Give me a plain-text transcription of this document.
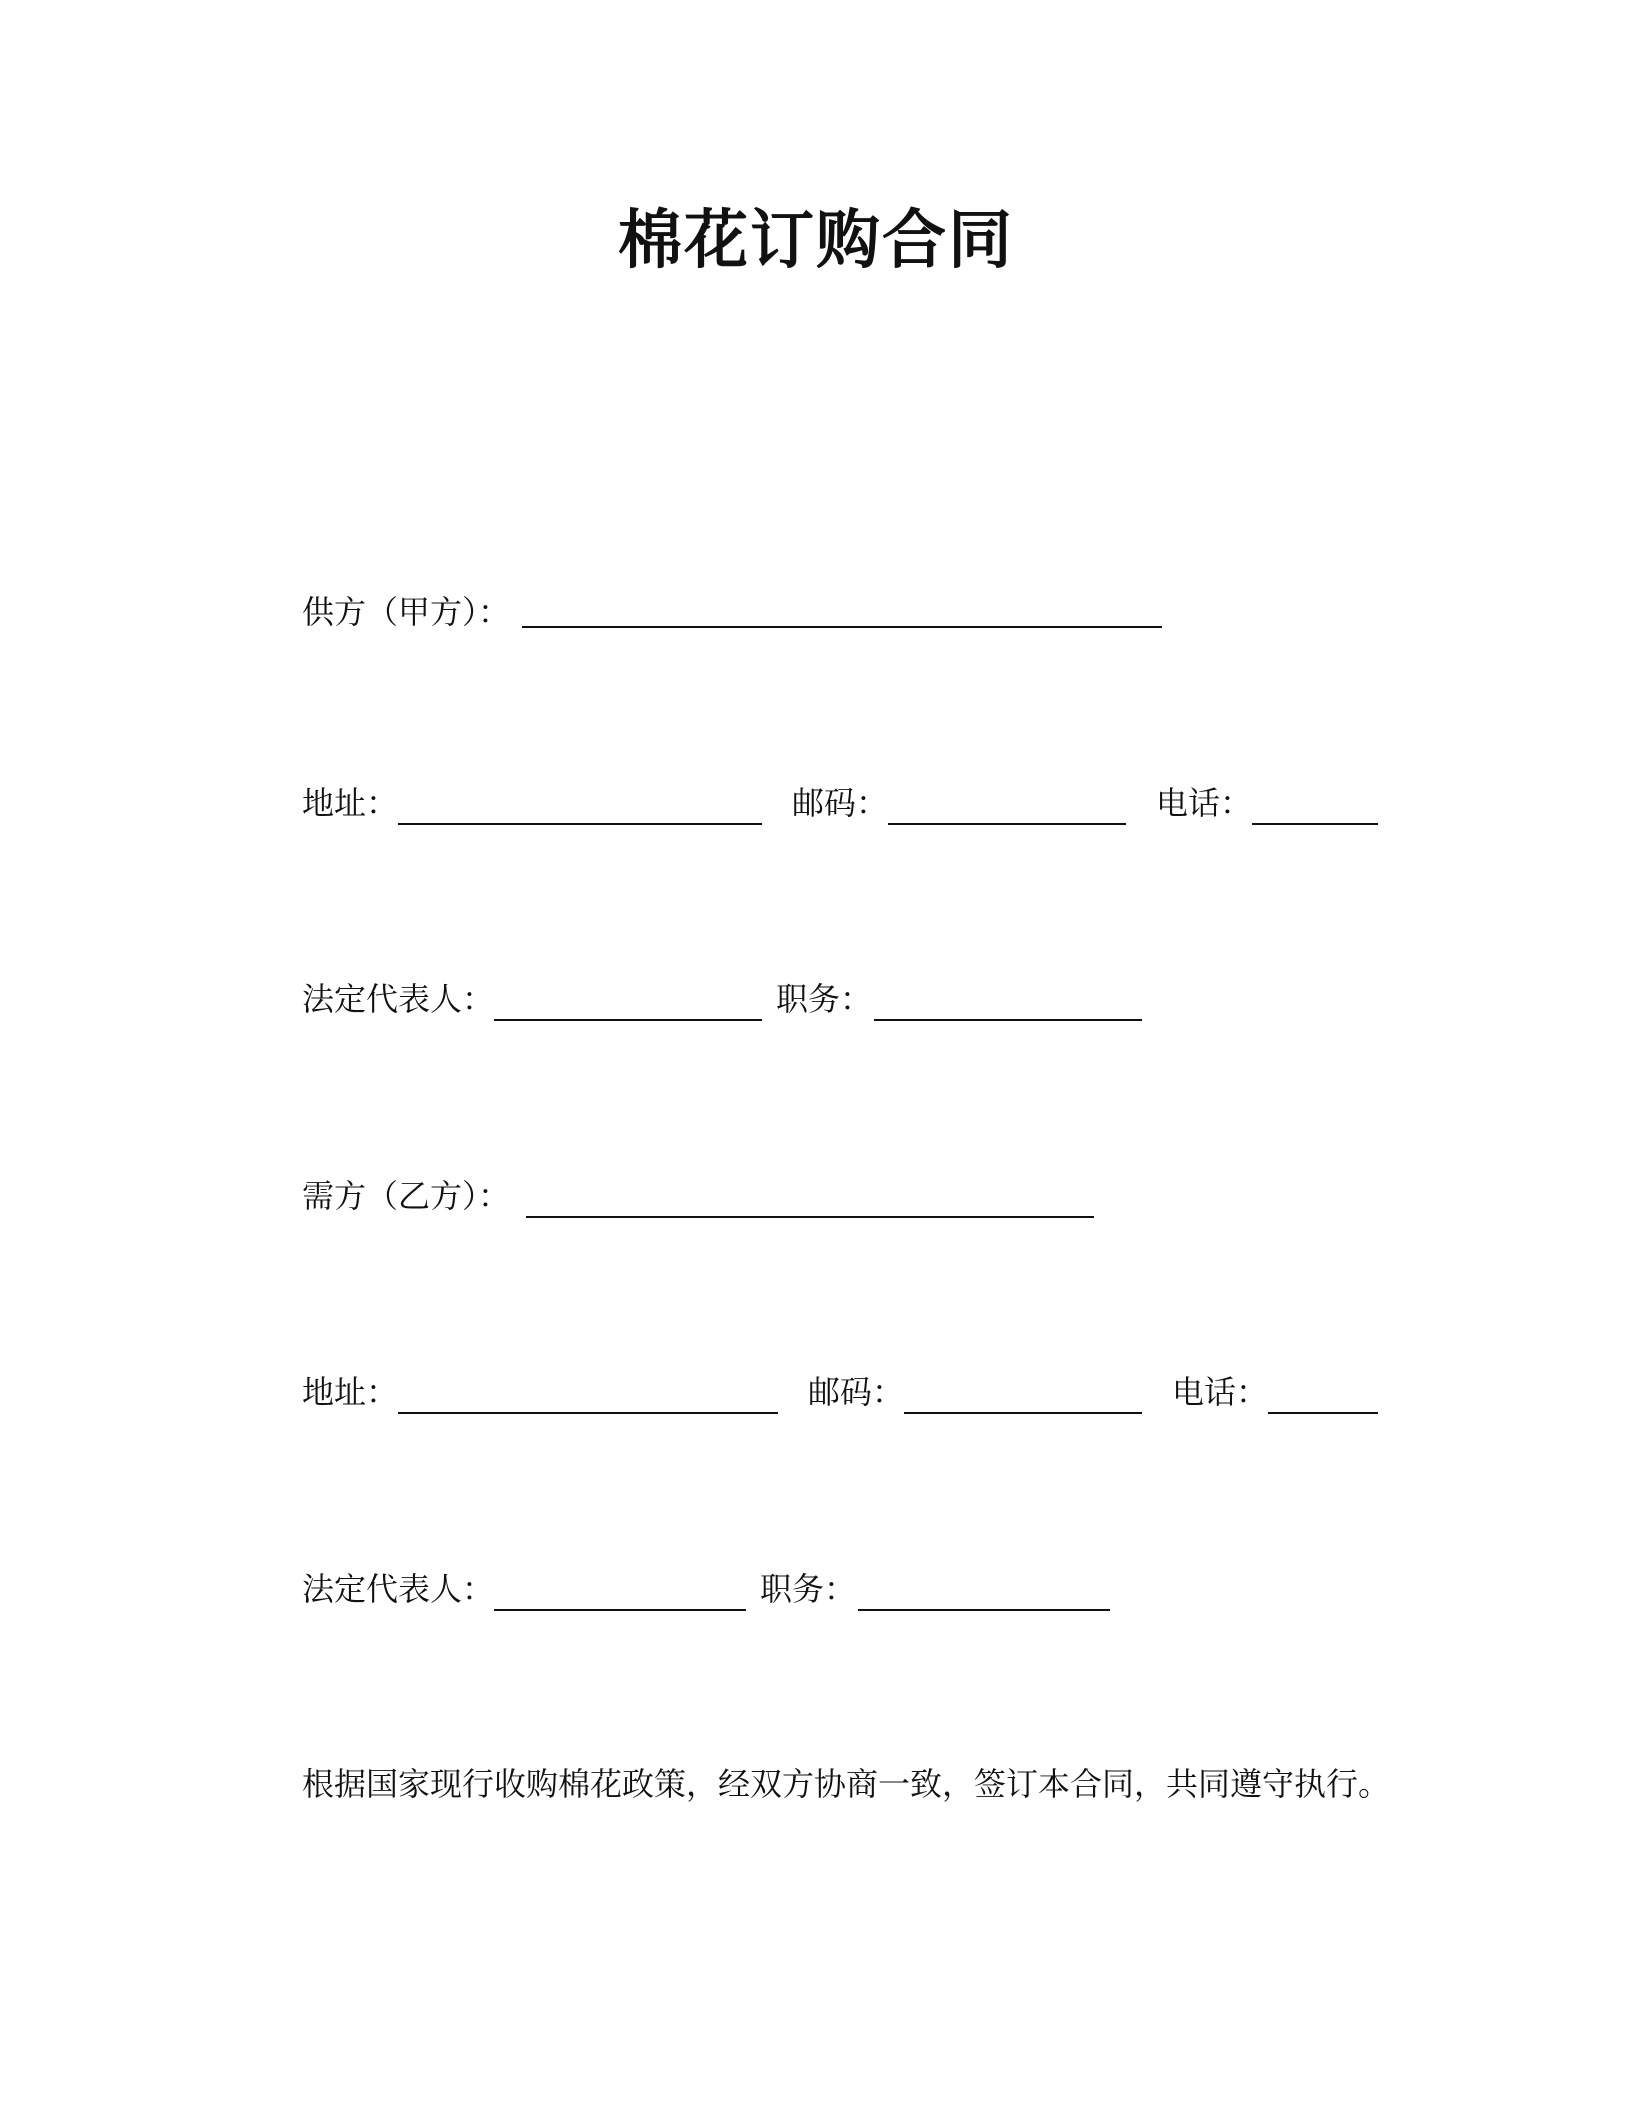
棉花订购合同
供方（甲方）：
地址：	邮码：	电话：
法定代表人：	职务：
需方（乙方）：
地址：	邮码：	电话：
法定代表人：	职务：
根据国家现行收购棉花政策，经双方协商一致，签订本合同，共同遵守执行。
